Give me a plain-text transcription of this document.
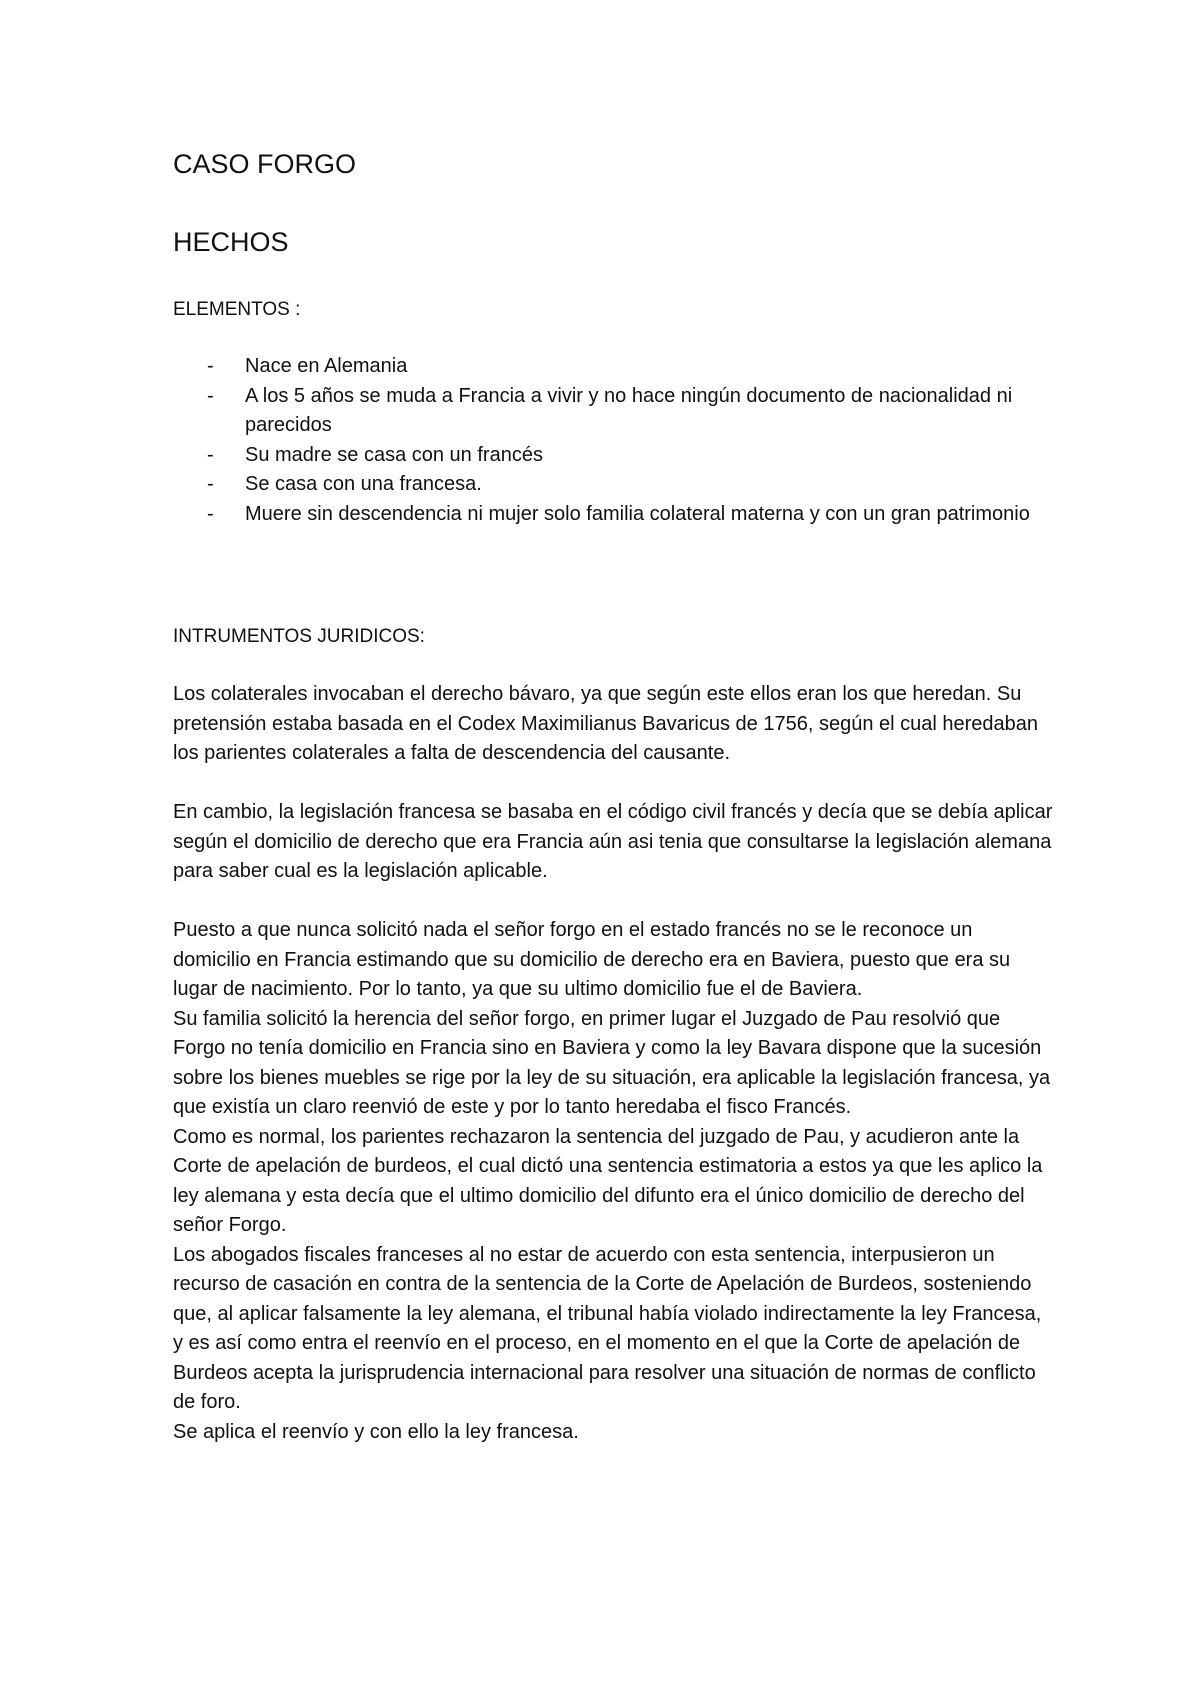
CASO FORGO
HECHOS
ELEMENTOS :
- Nace en Alemania
- A los 5 años se muda a Francia a vivir y no hace ningún documento de nacionalidad ni parecidos
- Su madre se casa con un francés
- Se casa con una francesa.
- Muere sin descendencia ni mujer solo familia colateral materna y con un gran patrimonio
INTRUMENTOS JURIDICOS:

Los colaterales invocaban el derecho bávaro, ya que según este ellos eran los que heredan. Su pretensión estaba basada en el Codex Maximilianus Bavaricus de 1756, según el cual heredaban los parientes colaterales a falta de descendencia del causante.

En cambio, la legislación francesa se basaba en el código civil francés y decía que se debía aplicar según el domicilio de derecho que era Francia aún asi tenia que consultarse la legislación alemana para saber cual es la legislación aplicable.

Puesto a que nunca solicitó nada el señor forgo en el estado francés no se le reconoce un domicilio en Francia estimando que su domicilio de derecho era en Baviera, puesto que era su lugar de nacimiento. Por lo tanto, ya que su ultimo domicilio fue el de Baviera.

Su familia solicitó la herencia del señor forgo, en primer lugar el Juzgado de Pau resolvió que Forgo no tenía domicilio en Francia sino en Baviera y como la ley Bavara dispone que la sucesión sobre los bienes muebles se rige por la ley de su situación, era aplicable la legislación francesa, ya que existía un claro reenvió de este y por lo tanto heredaba el fisco Francés.

Como es normal, los parientes rechazaron la sentencia del juzgado de Pau, y acudieron ante la Corte de apelación de burdeos, el cual dictó una sentencia estimatoria a estos ya que les aplico la ley alemana y esta decía que el ultimo domicilio del difunto era el único domicilio de derecho del señor Forgo.

Los abogados fiscales franceses al no estar de acuerdo con esta sentencia, interpusieron un recurso de casación en contra de la sentencia de la Corte de Apelación de Burdeos, sosteniendo que, al aplicar falsamente la ley alemana, el tribunal había violado indirectamente la ley Francesa, y es así como entra el reenvío en el proceso, en el momento en el que la Corte de apelación de Burdeos acepta la jurisprudencia internacional para resolver una situación de normas de conflicto de foro.

Se aplica el reenvío y con ello la ley francesa.
